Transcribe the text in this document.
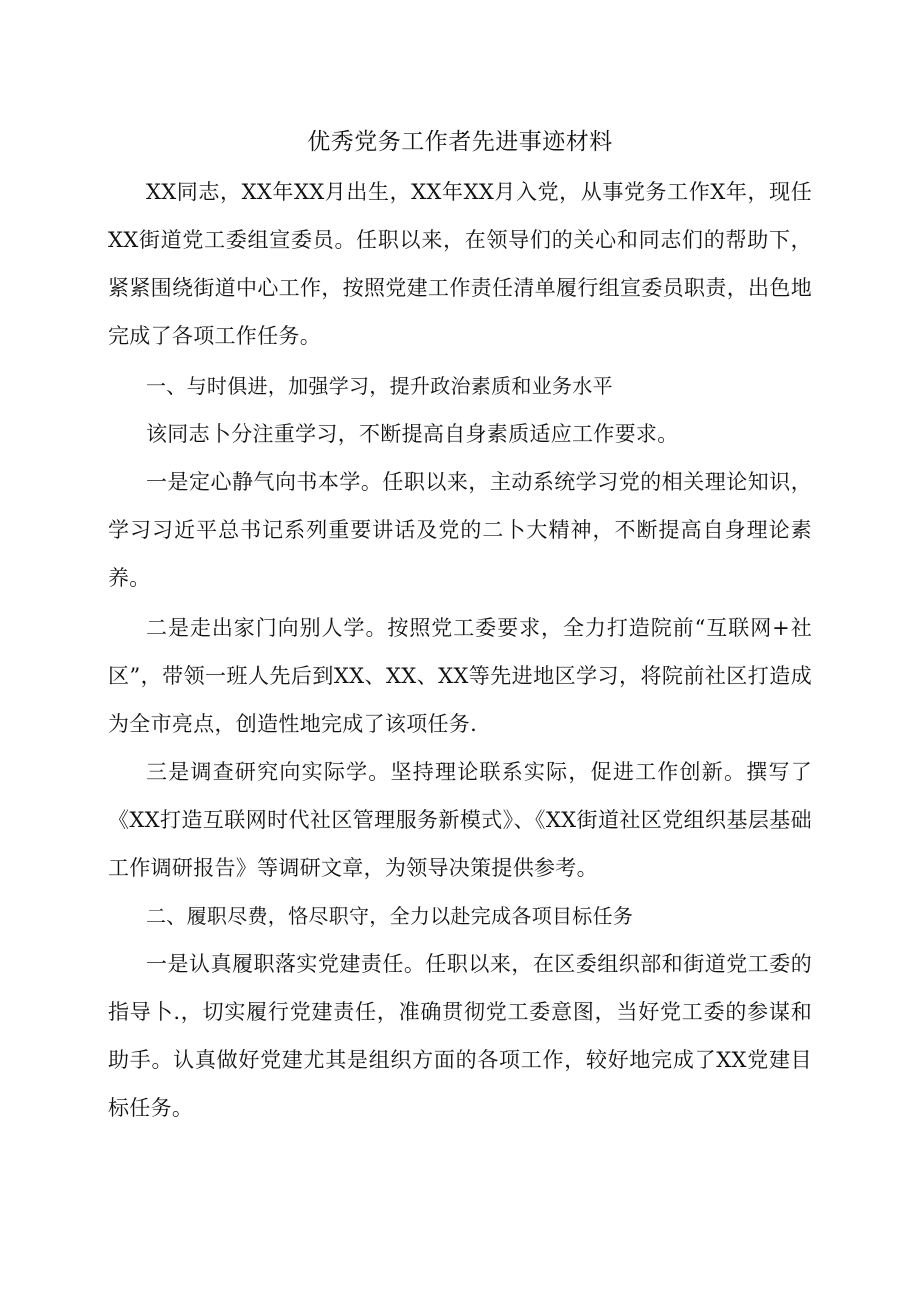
优秀党务工作者先进事迹材料

XX同志，XX年XX月出生，XX年XX月入党，从事党务工作X年，现任XX街道党工委组宣委员。任职以来，在领导们的关心和同志们的帮助下，紧紧围绕街道中心工作，按照党建工作责任清单履行组宣委员职责，出色地完成了各项工作任务。

一、与时俱进，加强学习，提升政治素质和业务水平

该同志卜分注重学习，不断提高自身素质适应工作要求。

一是定心静气向书本学。任职以来，主动系统学习党的相关理论知识，学习习近平总书记系列重要讲话及党的二卜大精神，不断提高自身理论素养。

二是走出家门向别人学。按照党工委要求，全力打造院前“互联网+社区”，带领一班人先后到XX、XX、XX等先进地区学习，将院前社区打造成为全市亮点，创造性地完成了该项任务.

三是调查研究向实际学。坚持理论联系实际，促进工作创新。撰写了《XX打造互联网时代社区管理服务新模式》、《XX街道社区党组织基层基础工作调研报告》等调研文章，为领导决策提供参考。

二、履职尽费，恪尽职守，全力以赴完成各项目标任务

一是认真履职落实党建责任。任职以来，在区委组织部和街道党工委的指导卜.，切实履行党建责任，准确贯彻党工委意图，当好党工委的参谋和助手。认真做好党建尤其是组织方面的各项工作，较好地完成了XX党建目标任务。
